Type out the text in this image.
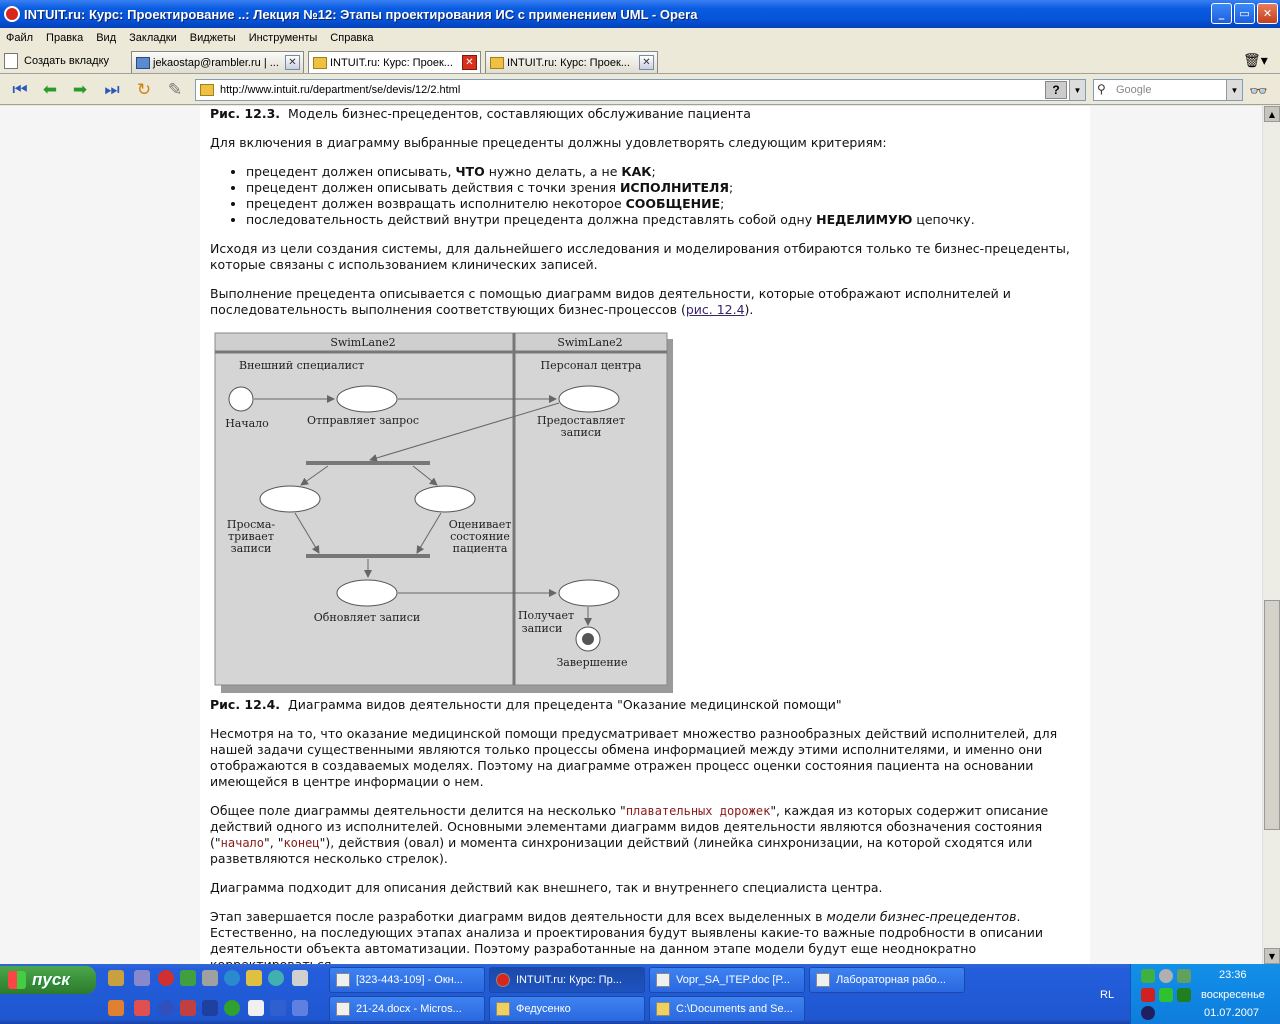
INTUIT.ru: Курс: Проектирование ..: Лекция №12: Этапы проектирования ИС с применением UML - Opera	_	▭	✕
Файл Правка Вид Закладки Виджеты Инструменты Справка
Создать вкладку	jekaostap@rambler.ru | ... ✕	INTUIT.ru: Курс: Проек...	✕	INTUIT.ru: Курс: Проек...	✕	🗑▾
⏮ ⬅ ➡ ⏭ ↻ ✎	http://www.intuit.ru/department/se/devis/12/2.html	?	▼ ⚲ Google	▼ 👓
Рис. 12.3. Модель бизнес-прецедентов, составляющих обслуживание пациента

Для включения в диаграмму выбранные прецеденты должны удовлетворять следующим критериям:

• прецедент должен описывать, ЧТО нужно делать, а не КАК;
• прецедент должен описывать действия с точки зрения ИСПОЛНИТЕЛЯ;
• прецедент должен возвращать исполнителю некоторое СООБЩЕНИЕ;
• последовательность действий внутри прецедента должна представлять собой одну НЕДЕЛИМУЮ цепочку.

Исходя из цели создания системы, для дальнейшего исследования и моделирования отбираются только те бизнес-прецеденты, которые связаны с использованием клинических записей.

Выполнение прецедента описывается с помощью диаграмм видов деятельности, которые отображают исполнителей и последовательность выполнения соответствующих бизнес-процессов (рис. 12.4).

SwimLane2	SwimLane2
Внешний специалист	Персонал центра
Начало	Отправляет запрос	Предоставляет
записи
Просма-
тривает
записи
Оценивает
состояние
пациента
Обновляет записи	Получает
записи
Завершение
Рис. 12.4. Диаграмма видов деятельности для прецедента "Оказание медицинской помощи"

Несмотря на то, что оказание медицинской помощи предусматривает множество разнообразных действий исполнителей, для нашей задачи существенными являются только процессы обмена информацией между этими исполнителями, и именно они отображаются в создаваемых моделях. Поэтому на диаграмме отражен процесс оценки состояния пациента на основании имеющейся в центре информации о нем.

Общее поле диаграммы деятельности делится на несколько "плавательных дорожек", каждая из которых содержит описание действий одного из исполнителей. Основными элементами диаграмм видов деятельности являются обозначения состояния ("начало", "конец"), действия (овал) и момента синхронизации действий (линейка синхронизации, на которой сходятся или разветвляются несколько стрелок).

Диаграмма подходит для описания действий как внешнего, так и внутреннего специалиста центра.

Этап завершается после разработки диаграмм видов деятельности для всех выделенных в модели бизнес-прецедентов. Естественно, на последующих этапах анализа и проектирования будут выявлены какие-то важные подробности в описании деятельности объекта автоматизации. Поэтому разработанные на данном этапе модели будут еще неоднократно

▲
▼
пуск	[323-443-109] - Окн...	INTUIT.ru: Курс: Пр...	Vopr_SA_ITEP.doc [Р...	Лабораторная рабо...
21-24.docx - Micros...	Федусенко	C:\Documents and Se...
RL
23:36
воскресенье
01.07.2007
